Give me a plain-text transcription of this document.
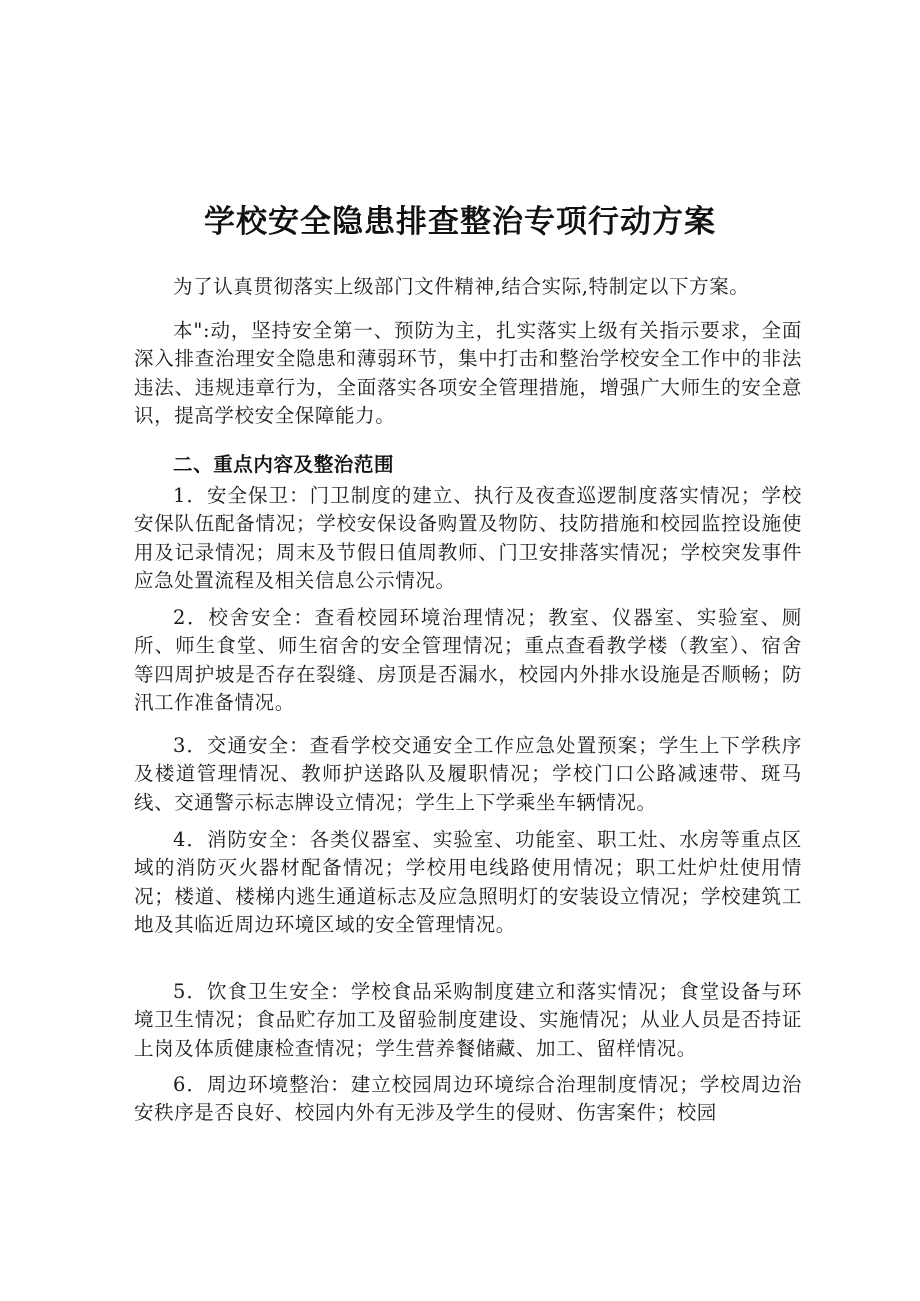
学校安全隐患排查整治专项行动方案

为了认真贯彻落实上级部门文件精神,结合实际,特制定以下方案。

本":动，坚持安全第一、预防为主，扎实落实上级有关指示要求，全面深入排查治理安全隐患和薄弱环节，集中打击和整治学校安全工作中的非法违法、违规违章行为，全面落实各项安全管理措施，增强广大师生的安全意识，提高学校安全保障能力。

二、重点内容及整治范围

1．安全保卫：门卫制度的建立、执行及夜查巡逻制度落实情况；学校安保队伍配备情况；学校安保设备购置及物防、技防措施和校园监控设施使用及记录情况；周末及节假日值周教师、门卫安排落实情况；学校突发事件应急处置流程及相关信息公示情况。

2．校舍安全：查看校园环境治理情况；教室、仪器室、实验室、厕所、师生食堂、师生宿舍的安全管理情况；重点查看教学楼（教室）、宿舍等四周护坡是否存在裂缝、房顶是否漏水，校园内外排水设施是否顺畅；防汛工作准备情况。

3．交通安全：查看学校交通安全工作应急处置预案；学生上下学秩序及楼道管理情况、教师护送路队及履职情况；学校门口公路减速带、斑马线、交通警示标志牌设立情况；学生上下学乘坐车辆情况。

4．消防安全：各类仪器室、实验室、功能室、职工灶、水房等重点区域的消防灭火器材配备情况；学校用电线路使用情况；职工灶炉灶使用情况；楼道、楼梯内逃生通道标志及应急照明灯的安装设立情况；学校建筑工地及其临近周边环境区域的安全管理情况。

5．饮食卫生安全：学校食品采购制度建立和落实情况；食堂设备与环境卫生情况；食品贮存加工及留验制度建设、实施情况；从业人员是否持证上岗及体质健康检查情况；学生营养餐储藏、加工、留样情况。

6．周边环境整治：建立校园周边环境综合治理制度情况；学校周边治安秩序是否良好、校园内外有无涉及学生的侵财、伤害案件；校园
